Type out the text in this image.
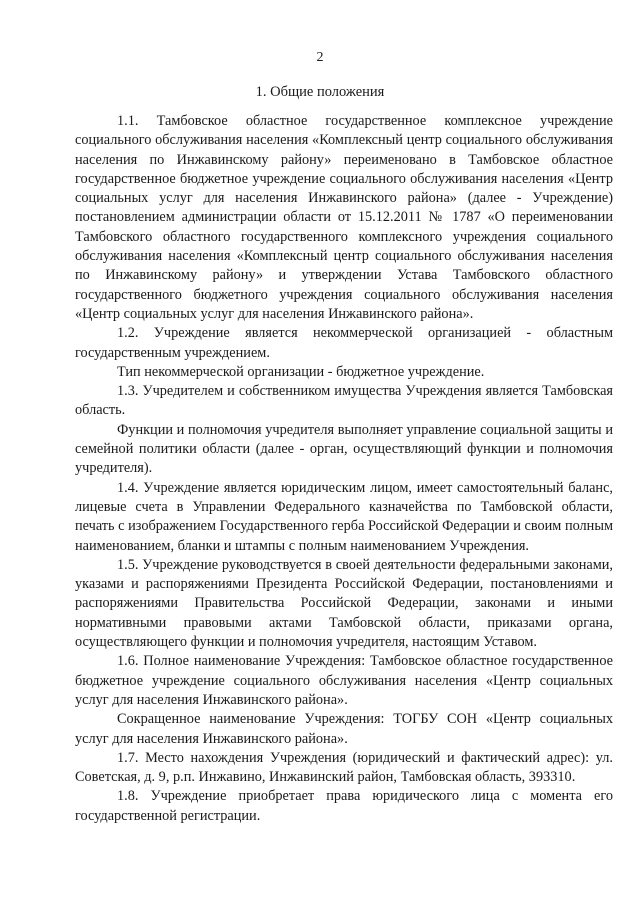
2
1. Общие положения

1.1. Тамбовское областное государственное комплексное учреждение социального обслуживания населения «Комплексный центр социального обслуживания населения по Инжавинскому району» переименовано в Тамбовское областное государственное бюджетное учреждение социального обслуживания населения «Центр социальных услуг для населения Инжавинского района» (далее - Учреждение) постановлением администрации области от 15.12.2011 № 1787 «О переименовании Тамбовского областного государственного комплексного учреждения социального обслуживания населения «Комплексный центр социального обслуживания населения по Инжавинскому району» и утверждении Устава Тамбовского областного государственного бюджетного учреждения социального обслуживания населения «Центр социальных услуг для населения Инжавинского района».

1.2. Учреждение является некоммерческой организацией - областным государственным учреждением.

Тип некоммерческой организации - бюджетное учреждение.

1.3. Учредителем и собственником имущества Учреждения является Тамбовская область.

Функции и полномочия учредителя выполняет управление социальной защиты и семейной политики области (далее - орган, осуществляющий функции и полномочия учредителя).

1.4. Учреждение является юридическим лицом, имеет самостоятельный баланс, лицевые счета в Управлении Федерального казначейства по Тамбовской области, печать с изображением Государственного герба Российской Федерации и своим полным наименованием, бланки и штампы с полным наименованием Учреждения.

1.5. Учреждение руководствуется в своей деятельности федеральными законами, указами и распоряжениями Президента Российской Федерации, постановлениями и распоряжениями Правительства Российской Федерации, законами и иными нормативными правовыми актами Тамбовской области, приказами органа, осуществляющего функции и полномочия учредителя, настоящим Уставом.

1.6. Полное наименование Учреждения: Тамбовское областное государственное бюджетное учреждение социального обслуживания населения «Центр социальных услуг для населения Инжавинского района».

Сокращенное наименование Учреждения: ТОГБУ СОН «Центр социальных услуг для населения Инжавинского района».

1.7. Место нахождения Учреждения (юридический и фактический адрес): ул. Советская, д. 9, р.п. Инжавино, Инжавинский район, Тамбовская область, 393310.

1.8. Учреждение приобретает права юридического лица с момента его государственной регистрации.
